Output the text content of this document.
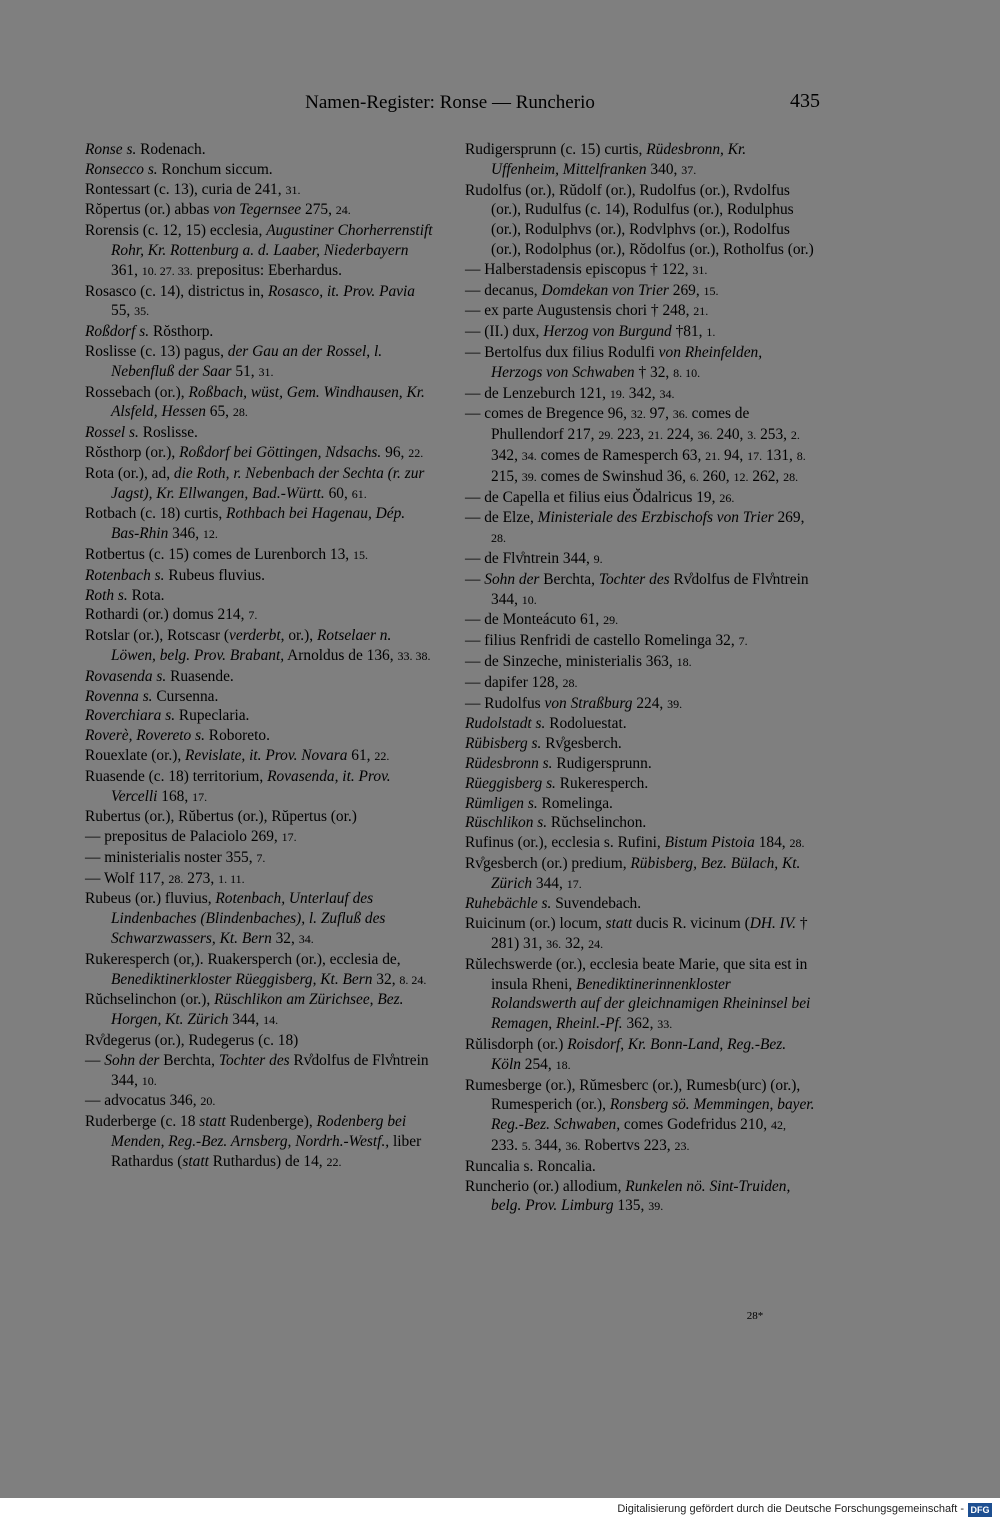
Namen-Register: Ronse — Runcherio	435

Ronse s. Rodenach.

Ronsecco s. Ronchum siccum.

Rontessart (c. 13), curia de 241, 31.

Rŏpertus (or.) abbas von Tegernsee 275, 24.

Rorensis (c. 12, 15) ecclesia, Augustiner Chorherrenstift Rohr, Kr. Rottenburg a. d. Laaber, Niederbayern 361, 10. 27. 33. prepositus: Eberhardus.

Rosasco (c. 14), districtus in, Rosasco, it. Prov. Pavia 55, 35.

Roßdorf s. Rŏsthorp.

Roslisse (c. 13) pagus, der Gau an der Rossel, l. Nebenfluß der Saar 51, 31.

Rossebach (or.), Roßbach, wüst, Gem. Windhausen, Kr. Alsfeld, Hessen 65, 28.

Rossel s. Roslisse.

Rŏsthorp (or.), Roßdorf bei Göttingen, Ndsachs. 96, 22.

Rota (or.), ad, die Roth, r. Nebenbach der Sechta (r. zur Jagst), Kr. Ellwangen, Bad.-Württ. 60, 61.

Rotbach (c. 18) curtis, Rothbach bei Hagenau, Dép. Bas-Rhin 346, 12.

Rotbertus (c. 15) comes de Lurenborch 13, 15.

Rotenbach s. Rubeus fluvius.

Roth s. Rota.

Rothardi (or.) domus 214, 7.

Rotslar (or.), Rotscasr (verderbt, or.), Rotselaer n. Löwen, belg. Prov. Brabant, Arnoldus de 136, 33. 38.

Rovasenda s. Ruasende.

Rovenna s. Cursenna.

Roverchiara s. Rupeclaria.

Roverè, Rovereto s. Roboreto.

Rouexlate (or.), Revislate, it. Prov. Novara 61, 22.

Ruasende (c. 18) territorium, Rovasenda, it. Prov. Vercelli 168, 17.

Rubertus (or.), Rŭbertus (or.), Rŭpertus (or.)

— prepositus de Palaciolo 269, 17.

— ministerialis noster 355, 7.

— Wolf 117, 28. 273, 1. 11.

Rubeus (or.) fluvius, Rotenbach, Unterlauf des Lindenbaches (Blindenbaches), l. Zufluß des Schwarzwassers, Kt. Bern 32, 34.

Rukeresperch (or,). Ruakersperch (or.), ecclesia de, Benediktinerkloster Rüeggisberg, Kt. Bern 32, 8. 24.

Rŭchselinchon (or.), Rüschlikon am Zürichsee, Bez. Horgen, Kt. Zürich 344, 14.

Rv̊degerus (or.), Rudegerus (c. 18)

— Sohn der Berchta, Tochter des Rv̊dolfus de Flv̊ntrein 344, 10.

— advocatus 346, 20.

Ruderberge (c. 18 statt Rudenberge), Rodenberg bei Menden, Reg.-Bez. Arnsberg, Nordrh.-Westf., liber Rathardus (statt Ruthardus) de 14, 22.

Rudigersprunn (c. 15) curtis, Rüdesbronn, Kr. Uffenheim, Mittelfranken 340, 37.

Rudolfus (or.), Rŭdolf (or.), Rudolfus (or.), Rvdolfus (or.), Rudulfus (c. 14), Rodulfus (or.), Rodulphus (or.), Rodulphvs (or.), Rodvlphvs (or.), Rodolfus (or.), Rodolphus (or.), Rŏdolfus (or.), Rotholfus (or.)

— Halberstadensis episcopus † 122, 31.

— decanus, Domdekan von Trier 269, 15.

— ex parte Augustensis chori † 248, 21.

— (II.) dux, Herzog von Burgund †81, 1.

— Bertolfus dux filius Rodulfi von Rheinfelden, Herzogs von Schwaben † 32, 8. 10.

— de Lenzeburch 121, 19. 342, 34.

— comes de Bregence 96, 32. 97, 36. comes de Phullendorf 217, 29. 223, 21. 224, 36. 240, 3. 253, 2. 342, 34. comes de Ramesperch 63, 21. 94, 17. 131, 8. 215, 39. comes de Swinshud 36, 6. 260, 12. 262, 28.

— de Capella et filius eius Ŏdalricus 19, 26.

— de Elze, Ministeriale des Erzbischofs von Trier 269, 28.

— de Flv̊ntrein 344, 9.

— Sohn der Berchta, Tochter des Rv̊dolfus de Flv̊ntrein 344, 10.

— de Monteácuto 61, 29.

— filius Renfridi de castello Romelinga 32, 7.

— de Sinzeche, ministerialis 363, 18.

— dapifer 128, 28.

— Rudolfus von Straßburg 224, 39.

Rudolstadt s. Rodoluestat.

Rübisberg s. Rv̊gesberch.

Rüdesbronn s. Rudigersprunn.

Rüeggisberg s. Rukeresperch.

Rümligen s. Romelinga.

Rüschlikon s. Rŭchselinchon.

Rufinus (or.), ecclesia s. Rufini, Bistum Pistoia 184, 28.

Rv̊gesberch (or.) predium, Rübisberg, Bez. Bülach, Kt. Zürich 344, 17.

Ruhebächle s. Suvendebach.

Ruicinum (or.) locum, statt ducis R. vicinum (DH. IV. † 281) 31, 36. 32, 24.

Rŭlechswerde (or.), ecclesia beate Marie, que sita est in insula Rheni, Benediktinerinnenkloster Rolandswerth auf der gleichnamigen Rheininsel bei Remagen, Rheinl.-Pf. 362, 33.

Rŭlisdorph (or.) Roisdorf, Kr. Bonn-Land, Reg.-Bez. Köln 254, 18.

Rumesberge (or.), Rŭmesberc (or.), Rumesb(urc) (or.), Rumesperich (or.), Ronsberg sö. Memmingen, bayer. Reg.-Bez. Schwaben, comes Godefridus 210, 42, 233. 5. 344, 36. Robertvs 223, 23.

Runcalia s. Roncalia.

Runcherio (or.) allodium, Runkelen nö. Sint-Truiden, belg. Prov. Limburg 135, 39.

28*
Digitalisierung gefördert durch die Deutsche Forschungsgemeinschaft - DFG
